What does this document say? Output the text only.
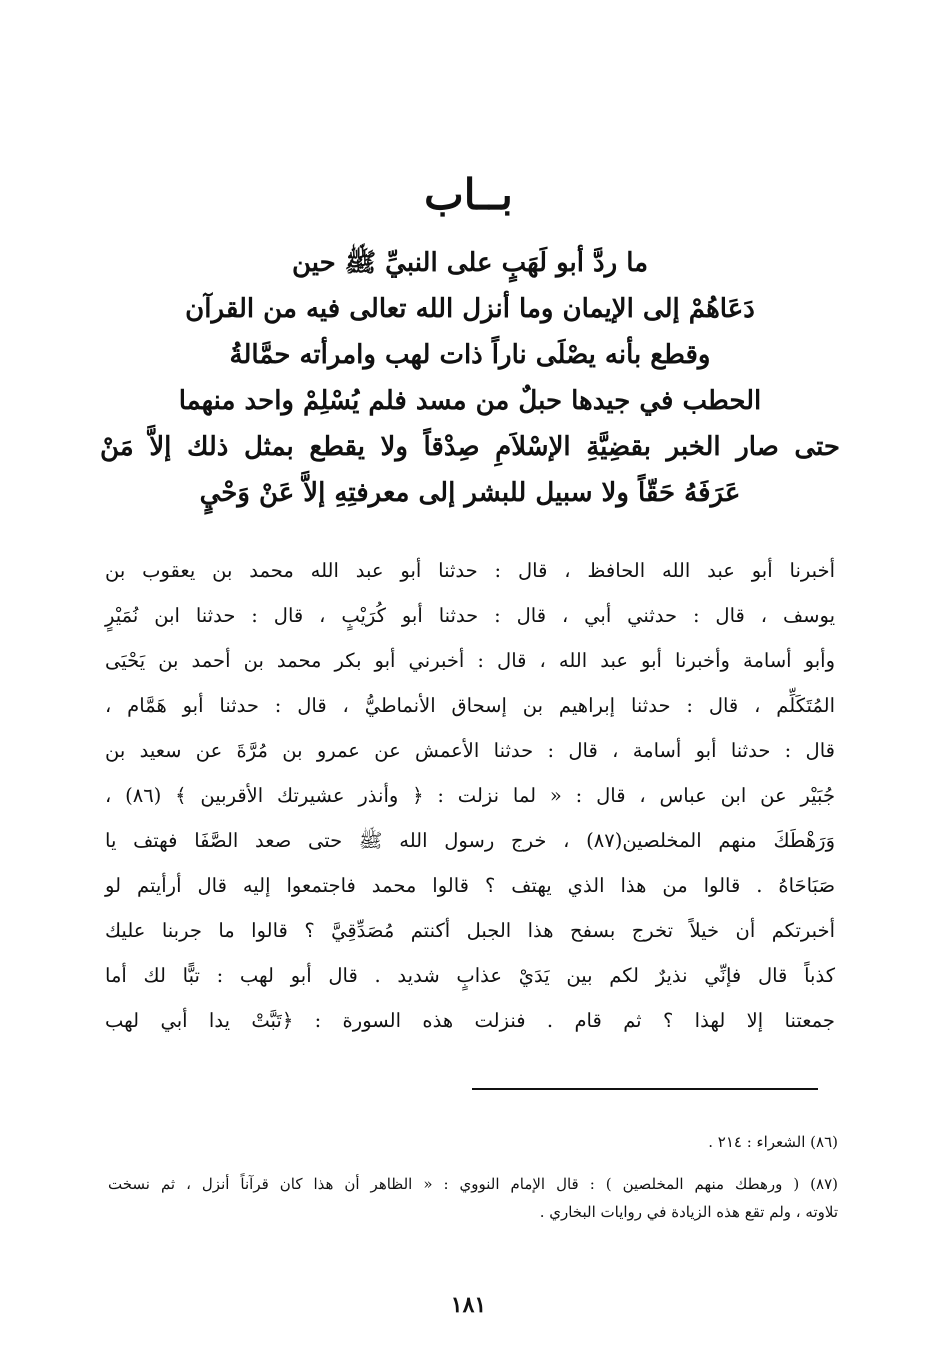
بــاب
ما ردَّ أبو لَهَبٍ على النبيِّ ﷺ حين
دَعَاهُمْ إلى الإيمان وما أنزل الله تعالى فيه من القرآن
وقطع بأنه يصْلَى ناراً ذات لهب وامرأته حمَّالةُ
الحطب في جيدها حبلٌ من مسد فلم يُسْلِمْ واحد منهما
حتى صار الخبر بقضِيَّةِ الإسْلاَمِ صِدْقاً ولا يقطع بمثل ذلك إلاَّ مَنْ
عَرَفَهُ حَقّاً ولا سبيل للبشر إلى معرفتِهِ إلاَّ عَنْ وَحْيٍ
أخبرنا أبو عبد الله الحافظ ، قال : حدثنا أبو عبد الله محمد بن يعقوب بن
يوسف ، قال : حدثني أبي ، قال : حدثنا أبو كُرَيْبٍ ، قال : حدثنا ابن نُمَيْرٍ
وأبو أسامة وأخبرنا أبو عبد الله ، قال : أخبرني أبو بكر محمد بن أحمد بن يَحْيَى
المُتَكَلِّم ، قال : حدثنا إبراهيم بن إسحاق الأنماطيُّ ، قال : حدثنا أبو هَمَّام ،
قال : حدثنا أبو أسامة ، قال : حدثنا الأعمش عن عمرو بن مُرَّةَ عن سعيد بن
جُبَيْر عن ابن عباس ، قال : « لما نزلت : ﴿ وأنذر عشيرتك الأقربين ﴾ (٨٦) ،
وَرَهْطَكَ منهم المخلصين(٨٧) ، خرج رسول الله ﷺ حتى صعد الصَّفَا فهتف يا
صَبَاحَاهُ . قالوا من هذا الذي يهتف ؟ قالوا محمد فاجتمعوا إليه قال أرأيتم لو
أخبرتكم أن خيلاً تخرج بسفح هذا الجبل أكنتم مُصَدِّقِيَّ ؟ قالوا ما جربنا عليك
كذباً قال فإنِّي نذيرٌ لكم بين يَدَيْ عذابٍ شديد . قال أبو لهب : تبًّا لك أما
جمعتنا إلا لهذا ؟ ثم قام . فنزلت هذه السورة : ﴿تَبَّتْ يدا أبي لهب
(٨٦) الشعراء : ٢١٤ .
(٨٧) ( ورهطك منهم المخلصين ) : قال الإمام النووي : « الظاهر أن هذا كان قرآناً أنزل ، ثم نسخت
تلاوته ، ولم تقع هذه الزيادة في روايات البخاري .
١٨١
